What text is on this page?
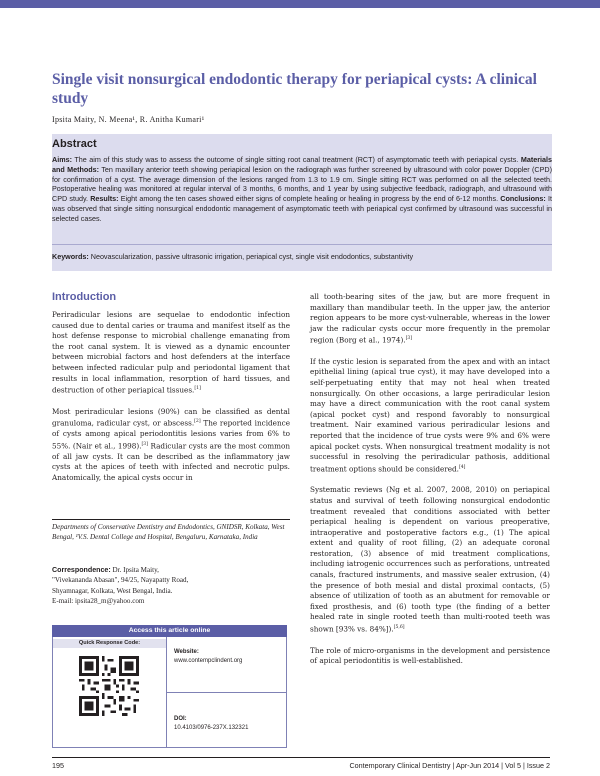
Single visit nonsurgical endodontic therapy for periapical cysts: A clinical study
Ipsita Maity, N. Meena¹, R. Anitha Kumari¹
Abstract
Aims: The aim of this study was to assess the outcome of single sitting root canal treatment (RCT) of asymptomatic teeth with periapical cysts. Materials and Methods: Ten maxillary anterior teeth showing periapical lesion on the radiograph was further screened by ultrasound with color power Doppler (CPD) for confirmation of a cyst. The average dimension of the lesions ranged from 1.3 to 1.9 cm. Single sitting RCT was performed on all the selected teeth. Postoperative healing was monitored at regular interval of 3 months, 6 months, and 1 year by using subjective feedback, radiograph, and ultrasound with CPD study. Results: Eight among the ten cases showed either signs of complete healing or healing in progress by the end of 6-12 months. Conclusions: It was observed that single sitting nonsurgical endodontic management of asymptomatic teeth with periapical cyst confirmed by ultrasound was successful in selected cases.
Keywords: Neovascularization, passive ultrasonic irrigation, periapical cyst, single visit endodontics, substantivity
Introduction

Periradicular lesions are sequelae to endodontic infection caused due to dental caries or trauma and manifest itself as the host defense response to microbial challenge emanating from the root canal system. It is viewed as a dynamic encounter between microbial factors and host defenders at the interface between infected radicular pulp and periodontal ligament that results in local inflammation, resorption of hard tissues, and destruction of other periapical tissues.[1]

Most periradicular lesions (90%) can be classified as dental granuloma, radicular cyst, or abscess.[2] The reported incidence of cysts among apical periodontitis lesions varies from 6% to 55%. (Nair et al., 1998).[3] Radicular cysts are the most common of all jaw cysts. It can be described as the inflammatory jaw cysts at the apices of teeth with infected and necrotic pulps. Anatomically, the apical cysts occur in

all tooth-bearing sites of the jaw, but are more frequent in maxillary than mandibular teeth. In the upper jaw, the anterior region appears to be more cyst-vulnerable, whereas in the lower jaw the radicular cysts occur more frequently in the premolar region (Borg et al., 1974).[3]

If the cystic lesion is separated from the apex and with an intact epithelial lining (apical true cyst), it may have developed into a self-perpetuating entity that may not heal when treated nonsurgically. On other occasions, a large periradicular lesion may have a direct communication with the root canal system (apical pocket cyst) and respond favorably to nonsurgical treatment. Nair examined various periradicular lesions and reported that the incidence of true cysts were 9% and 6% were apical pocket cysts. When nonsurgical treatment modality is not successful in resolving the periradicular pathosis, additional treatment options should be considered.[4]

Systematic reviews (Ng et al. 2007, 2008, 2010) on periapical status and survival of teeth following nonsurgical endodontic treatment revealed that conditions associated with better periapical healing is dependent on various preoperative, intraoperative and postoperative factors e.g., (1) The apical extent and quality of root filling, (2) an adequate coronal restoration, (3) absence of mid treatment complications, including iatrogenic occurrences such as perforations, untreated canals, fractured instruments, and massive sealer extrusion, (4) the presence of both mesial and distal proximal contacts, (5) absence of utilization of tooth as an abutment for removable or fixed prosthesis, and (6) tooth type (the finding of a better healed rate in single rooted teeth than multi-rooted teeth was shown [93% vs. 84%]).[5,6]

The role of micro-organisms in the development and persistence of apical periodontitis is well-established.

Departments of Conservative Dentistry and Endodontics, GNIDSR, Kolkata, West Bengal, ¹V.S. Dental College and Hospital, Bengaluru, Karnataka, India
Correspondence: Dr. Ipsita Maity,
"Vivekananda Abasan", 94/25, Nayapatty Road,
Shyamnagar, Kolkata, West Bengal, India.
E-mail: ipsita28_m@yahoo.com
Access this article online
Quick Response Code:
Website:
www.contempclindent.org
DOI:
10.4103/0976-237X.132321
195	Contemporary Clinical Dentistry | Apr-Jun 2014 | Vol 5 | Issue 2
